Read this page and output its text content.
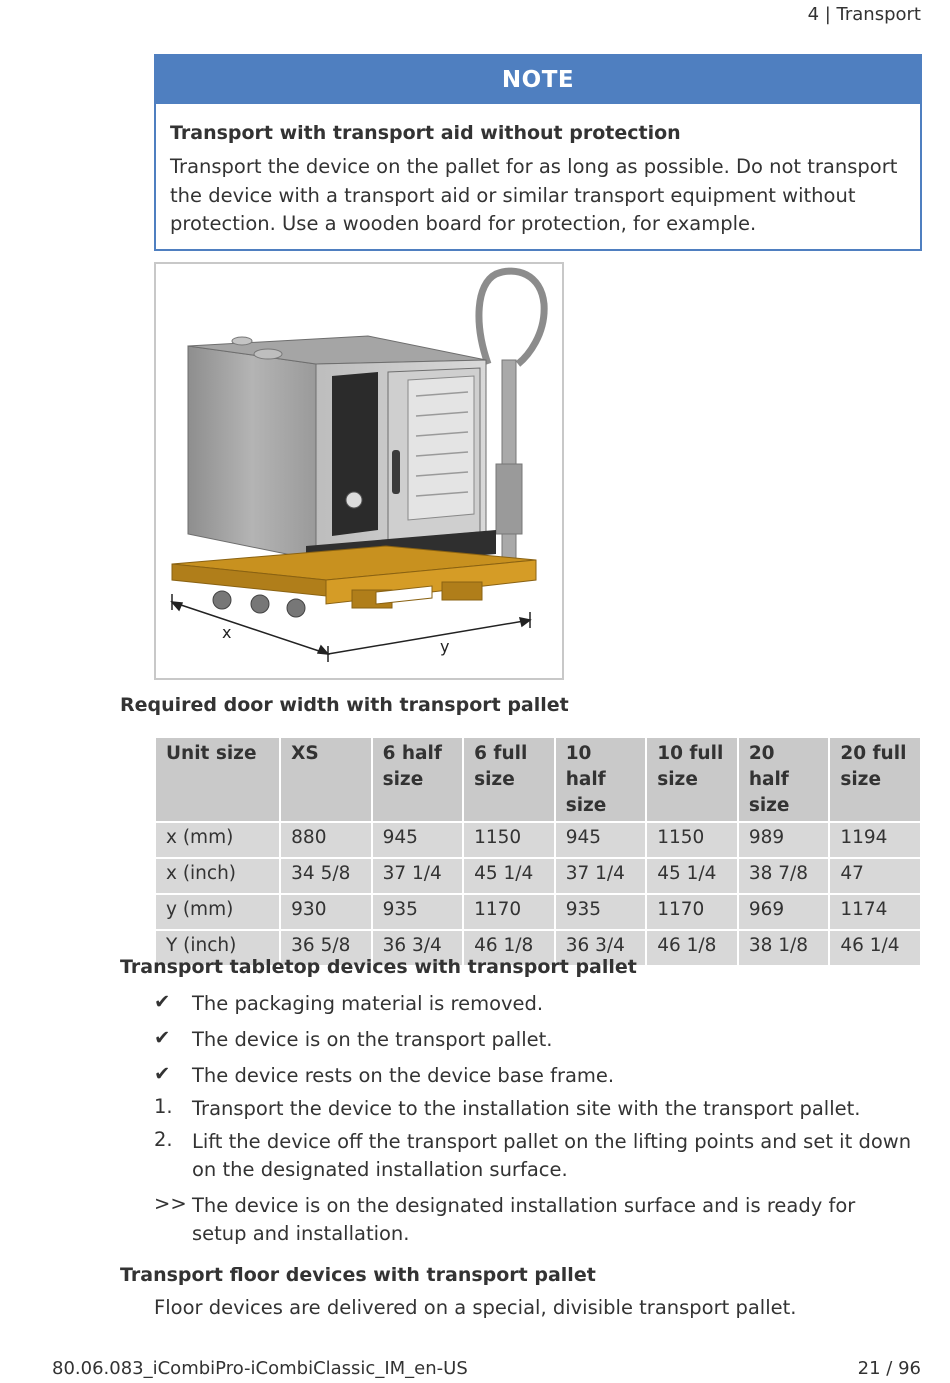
4 | Transport
NOTE
Transport with transport aid without protection
Transport the device on the pallet for as long as possible. Do not transport the device with a transport aid or similar transport equipment without protection. Use a wooden board for protection, for example.
x
y
Required door width with transport pallet
Unit size	XS	6 half size	6 full size	10 half size	10 full size	20 half size	20 full size
x (mm)	880	945	1150	945	1150	989	1194
x (inch)	34 5/8	37 1/4	45 1/4	37 1/4	45 1/4	38 7/8	47
y (mm)	930	935	1170	935	1170	969	1174
Y (inch)	36 5/8	36 3/4	46 1/8	36 3/4	46 1/8	38 1/8	46 1/4
Transport tabletop devices with transport pallet
✔	The packaging material is removed.
✔	The device is on the transport pallet.
✔	The device rests on the device base frame.
1. Transport the device to the installation site with the transport pallet.
2. Lift the device off the transport pallet on the lifting points and set it down on the designated installation surface.
>> The device is on the designated installation surface and is ready for setup and installation.
Transport floor devices with transport pallet
Floor devices are delivered on a special, divisible transport pallet.
80.06.083_iCombiPro-iCombiClassic_IM_en-US	21 / 96
